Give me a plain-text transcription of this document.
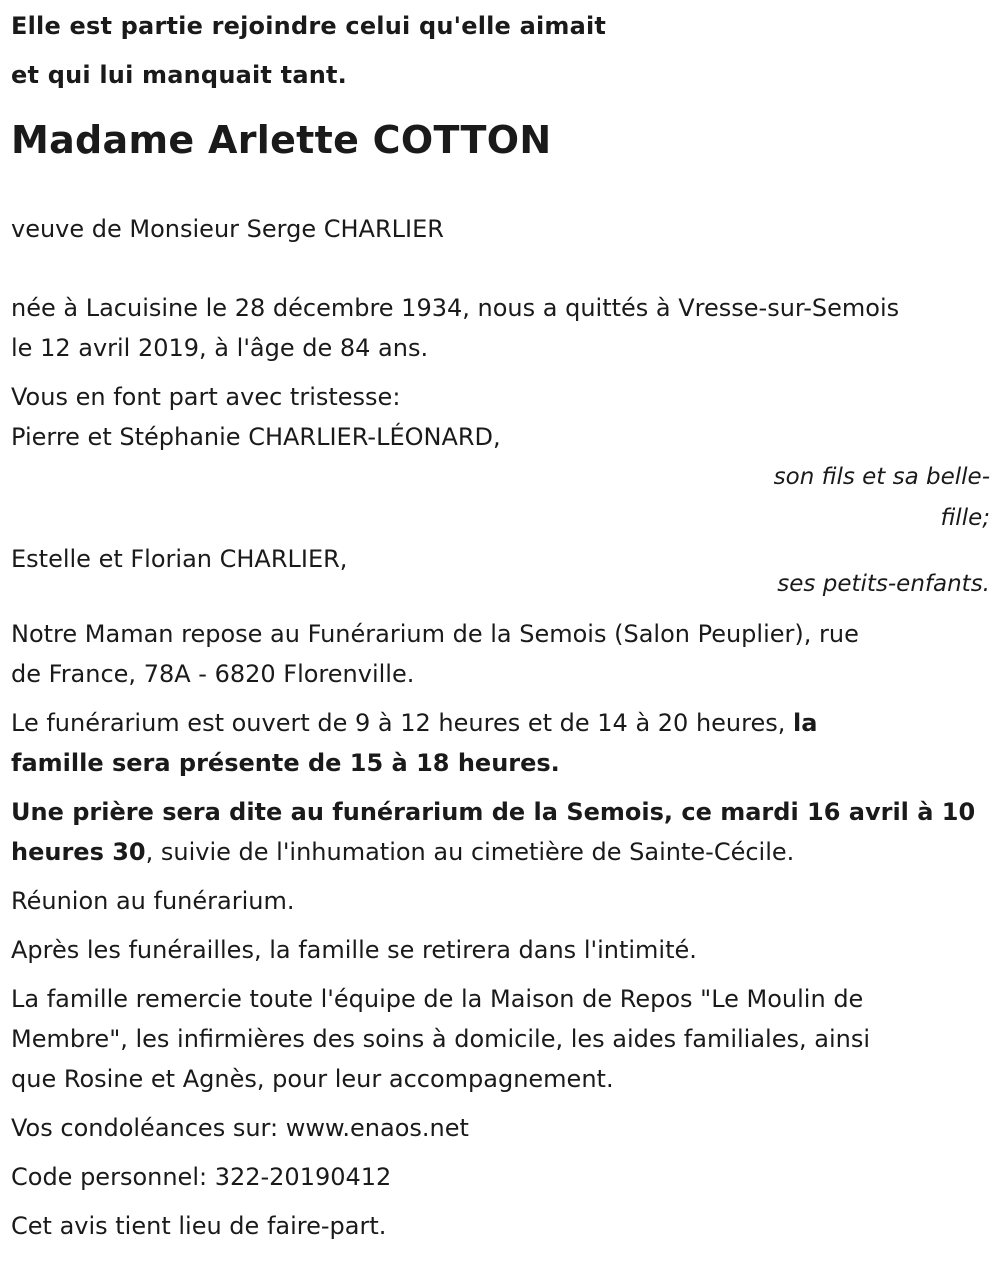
Elle est partie rejoindre celui qu'elle aimait
et qui lui manquait tant.
Madame Arlette COTTON
veuve de Monsieur Serge CHARLIER
née à Lacuisine le 28 décembre 1934, nous a quittés à Vresse-sur-Semois
le 12 avril 2019, à l'âge de 84 ans.
Vous en font part avec tristesse:
Pierre et Stéphanie CHARLIER-LÉONARD,
son fils et sa belle-fille;
Estelle et Florian CHARLIER,
ses petits-enfants.
Notre Maman repose au Funérarium de la Semois (Salon Peuplier), rue
de France, 78A - 6820 Florenville.
Le funérarium est ouvert de 9 à 12 heures et de 14 à 20 heures, la
famille sera présente de 15 à 18 heures.
Une prière sera dite au funérarium de la Semois, ce mardi 16 avril à 10
heures 30, suivie de l'inhumation au cimetière de Sainte-Cécile.
Réunion au funérarium.
Après les funérailles, la famille se retirera dans l'intimité.
La famille remercie toute l'équipe de la Maison de Repos "Le Moulin de
Membre", les infirmières des soins à domicile, les aides familiales, ainsi
que Rosine et Agnès, pour leur accompagnement.
Vos condoléances sur: www.enaos.net
Code personnel: 322-20190412
Cet avis tient lieu de faire-part.
